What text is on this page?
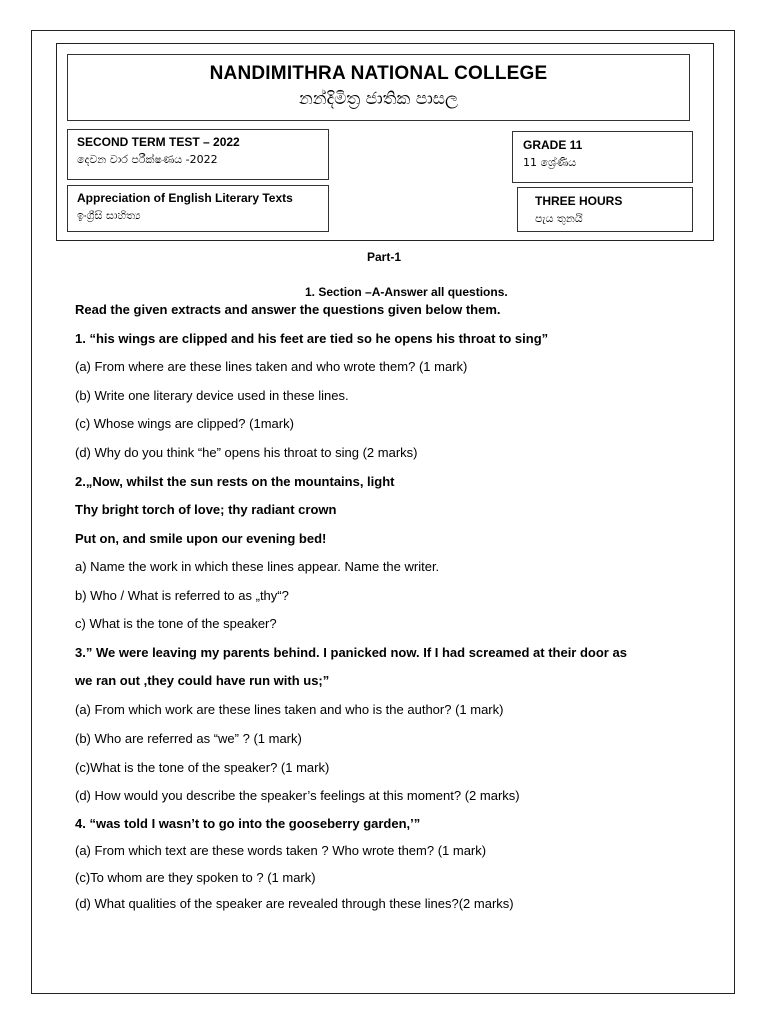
NANDIMITHRA NATIONAL COLLEGE
නන්දිමිත්‍ර ජාතික පාසල
SECOND TERM TEST – 2022
දෙවන වාර පරීක්ෂණය -2022
GRADE 11
11 ශ්‍රේණිය
Appreciation of English Literary Texts
ඉංග්‍රීසි සාහිත්‍ය
THREE HOURS
පැය තුනයි
Part-1
1. Section –A-Answer all questions.
Read the given extracts and answer the questions given below them.
1. “his wings are clipped and his feet are tied so he opens his throat to sing”
(a) From where are these lines taken and who wrote them? (1 mark)
(b) Write one literary device used in these lines.
(c) Whose wings are clipped? (1mark)
(d) Why do you think “he” opens his throat to sing (2 marks)
2.„Now, whilst the sun rests on the mountains, light
Thy bright torch of love; thy radiant crown
Put on, and smile upon our evening bed!
a) Name the work in which these lines appear. Name the writer.
b) Who / What is referred to as „thy“?
c) What is the tone of the speaker?
3.” We were leaving my parents behind. I panicked now. If I had screamed at their door as
we ran out ,they could have run with us;”
(a) From which work are these lines taken and who is the author? (1 mark)
(b) Who are referred as “we” ? (1 mark)
(c)What is the tone of the speaker? (1 mark)
(d) How would you describe the speaker’s feelings at this moment? (2 marks)
4. “was told I wasn’t to go into the gooseberry garden,’”
(a) From which text are these words taken ? Who wrote them? (1 mark)
(c)To whom are they spoken to ? (1 mark)
(d) What qualities of the speaker are revealed through these lines?(2 marks)
